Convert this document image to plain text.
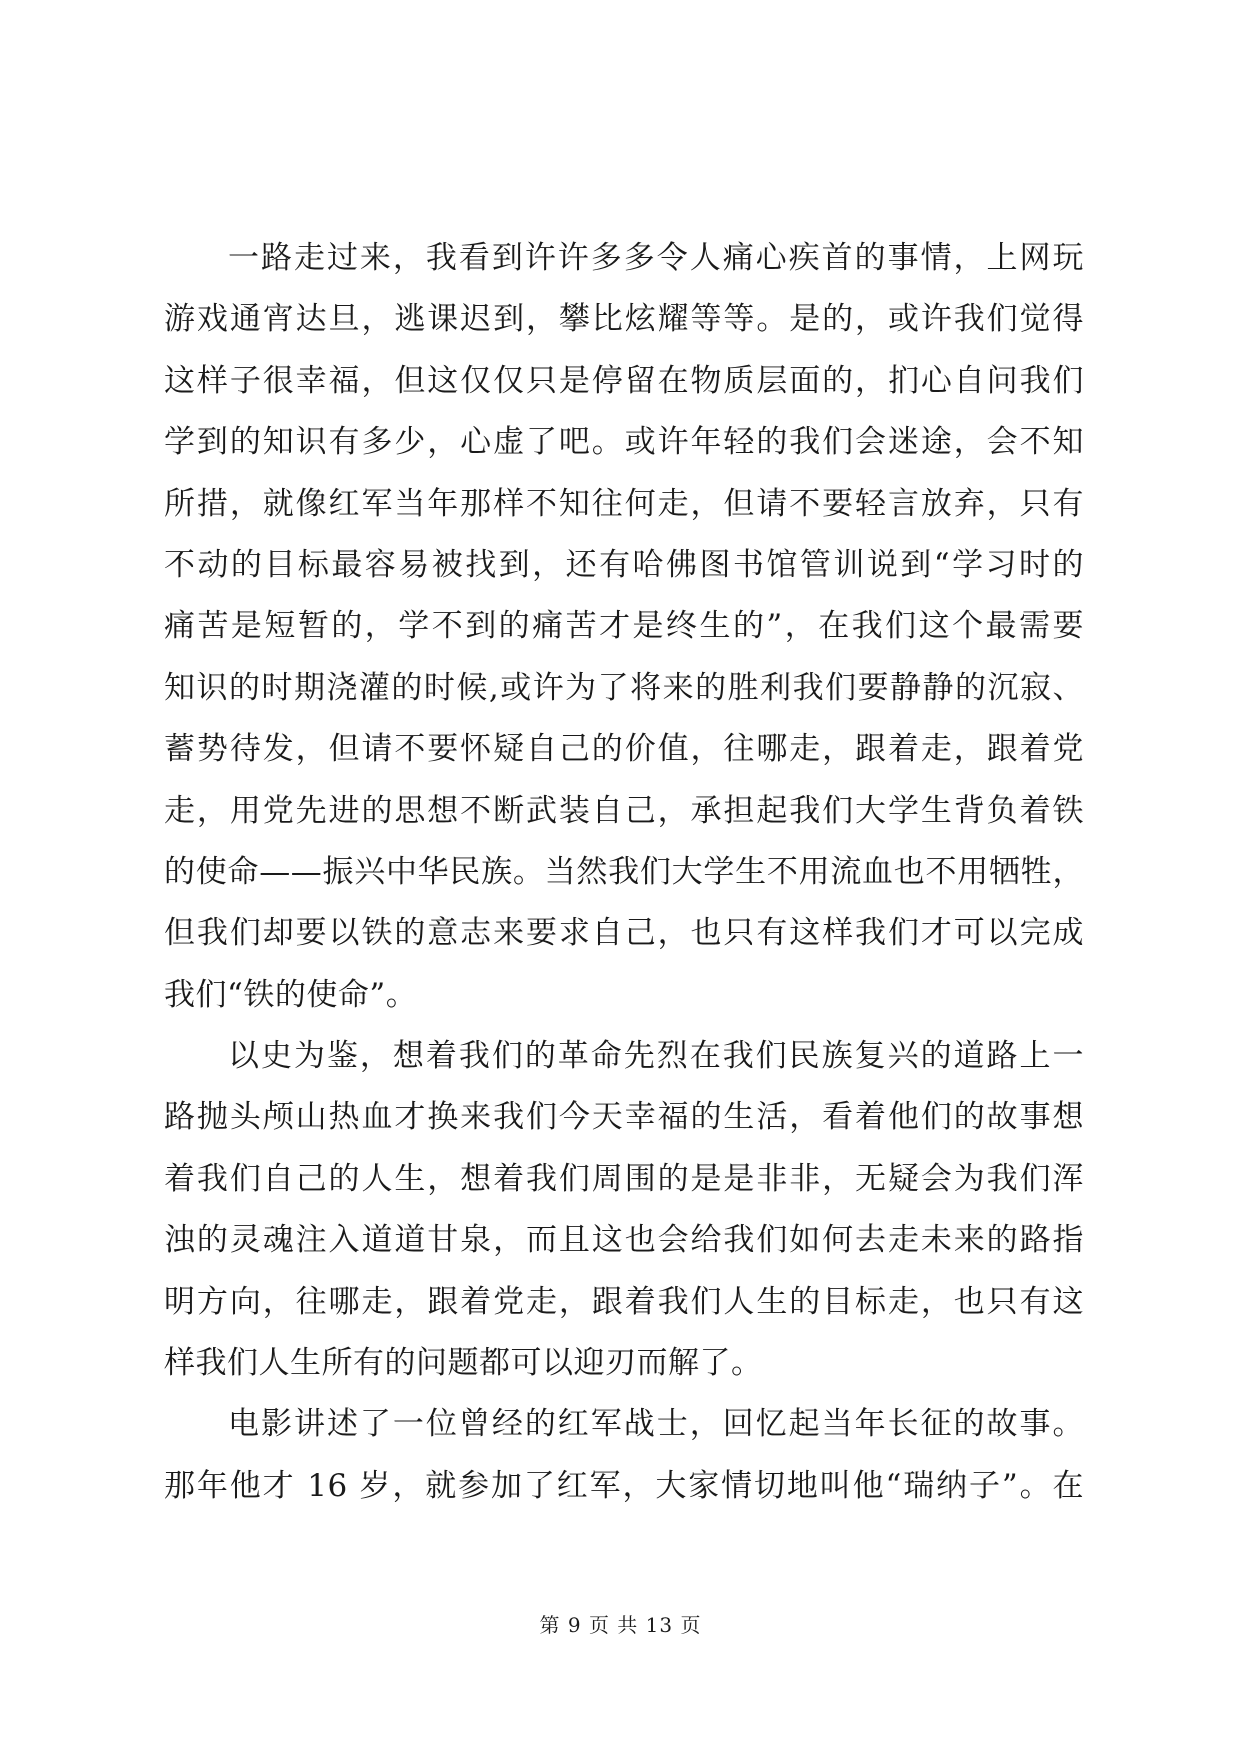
一路走过来，我看到许许多多令人痛心疾首的事情，上网玩
游戏通宵达旦，逃课迟到，攀比炫耀等等。是的，或许我们觉得
这样子很幸福，但这仅仅只是停留在物质层面的，扪心自问我们
学到的知识有多少，心虚了吧。或许年轻的我们会迷途，会不知
所措，就像红军当年那样不知往何走，但请不要轻言放弃，只有
不动的目标最容易被找到，还有哈佛图书馆管训说到“学习时的
痛苦是短暂的，学不到的痛苦才是终生的”，在我们这个最需要
知识的时期浇灌的时候,或许为了将来的胜利我们要静静的沉寂、
蓄势待发，但请不要怀疑自己的价值，往哪走，跟着走，跟着党
走，用党先进的思想不断武装自己，承担起我们大学生背负着铁
的使命——振兴中华民族。当然我们大学生不用流血也不用牺牲，
但我们却要以铁的意志来要求自己，也只有这样我们才可以完成
我们“铁的使命”。
以史为鉴，想着我们的革命先烈在我们民族复兴的道路上一
路抛头颅山热血才换来我们今天幸福的生活，看着他们的故事想
着我们自己的人生，想着我们周围的是是非非，无疑会为我们浑
浊的灵魂注入道道甘泉，而且这也会给我们如何去走未来的路指
明方向，往哪走，跟着党走，跟着我们人生的目标走，也只有这
样我们人生所有的问题都可以迎刃而解了。
电影讲述了一位曾经的红军战士，回忆起当年长征的故事。
那年他才 16 岁，就参加了红军，大家情切地叫他“瑞纳子”。在
第 9 页 共 13 页
